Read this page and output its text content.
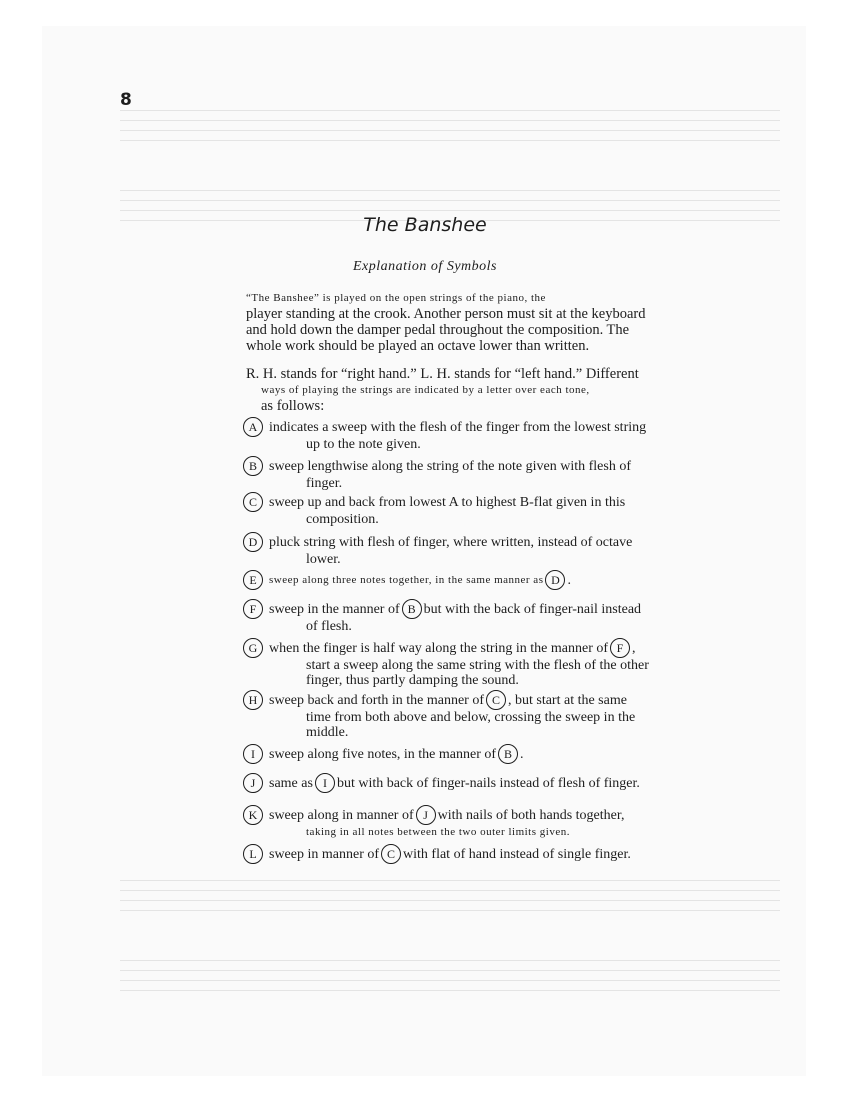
8
The Banshee
Explanation of Symbols
“The Banshee” is played on the open strings of the piano, the
player standing at the crook. Another person must sit at the keyboard
and hold down the damper pedal throughout the composition. The
whole work should be played an octave lower than written.
R. H. stands for “right hand.” L. H. stands for “left hand.” Different
ways of playing the strings are indicated by a letter over each tone,
as follows:
A indicates a sweep with the flesh of the finger from the lowest string
up to the note given.
B sweep lengthwise along the string of the note given with flesh of
finger.
C sweep up and back from lowest A to highest B-flat given in this
composition.
D pluck string with flesh of finger, where written, instead of octave
lower.
E	sweep along three notes together, in the same manner as D .
F sweep in the manner of B but with the back of finger-nail instead
of flesh.
G when the finger is half way along the string in the manner of F ,
start a sweep along the same string with the flesh of the other
finger, thus partly damping the sound.
H sweep back and forth in the manner of C , but start at the same
time from both above and below, crossing the sweep in the
middle.
I	sweep along five notes, in the manner of B .
J same as I but with back of finger-nails instead of flesh of finger.
K sweep along in manner of J with nails of both hands together,
taking in all notes between the two outer limits given.
L sweep in manner of C with flat of hand instead of single finger.
